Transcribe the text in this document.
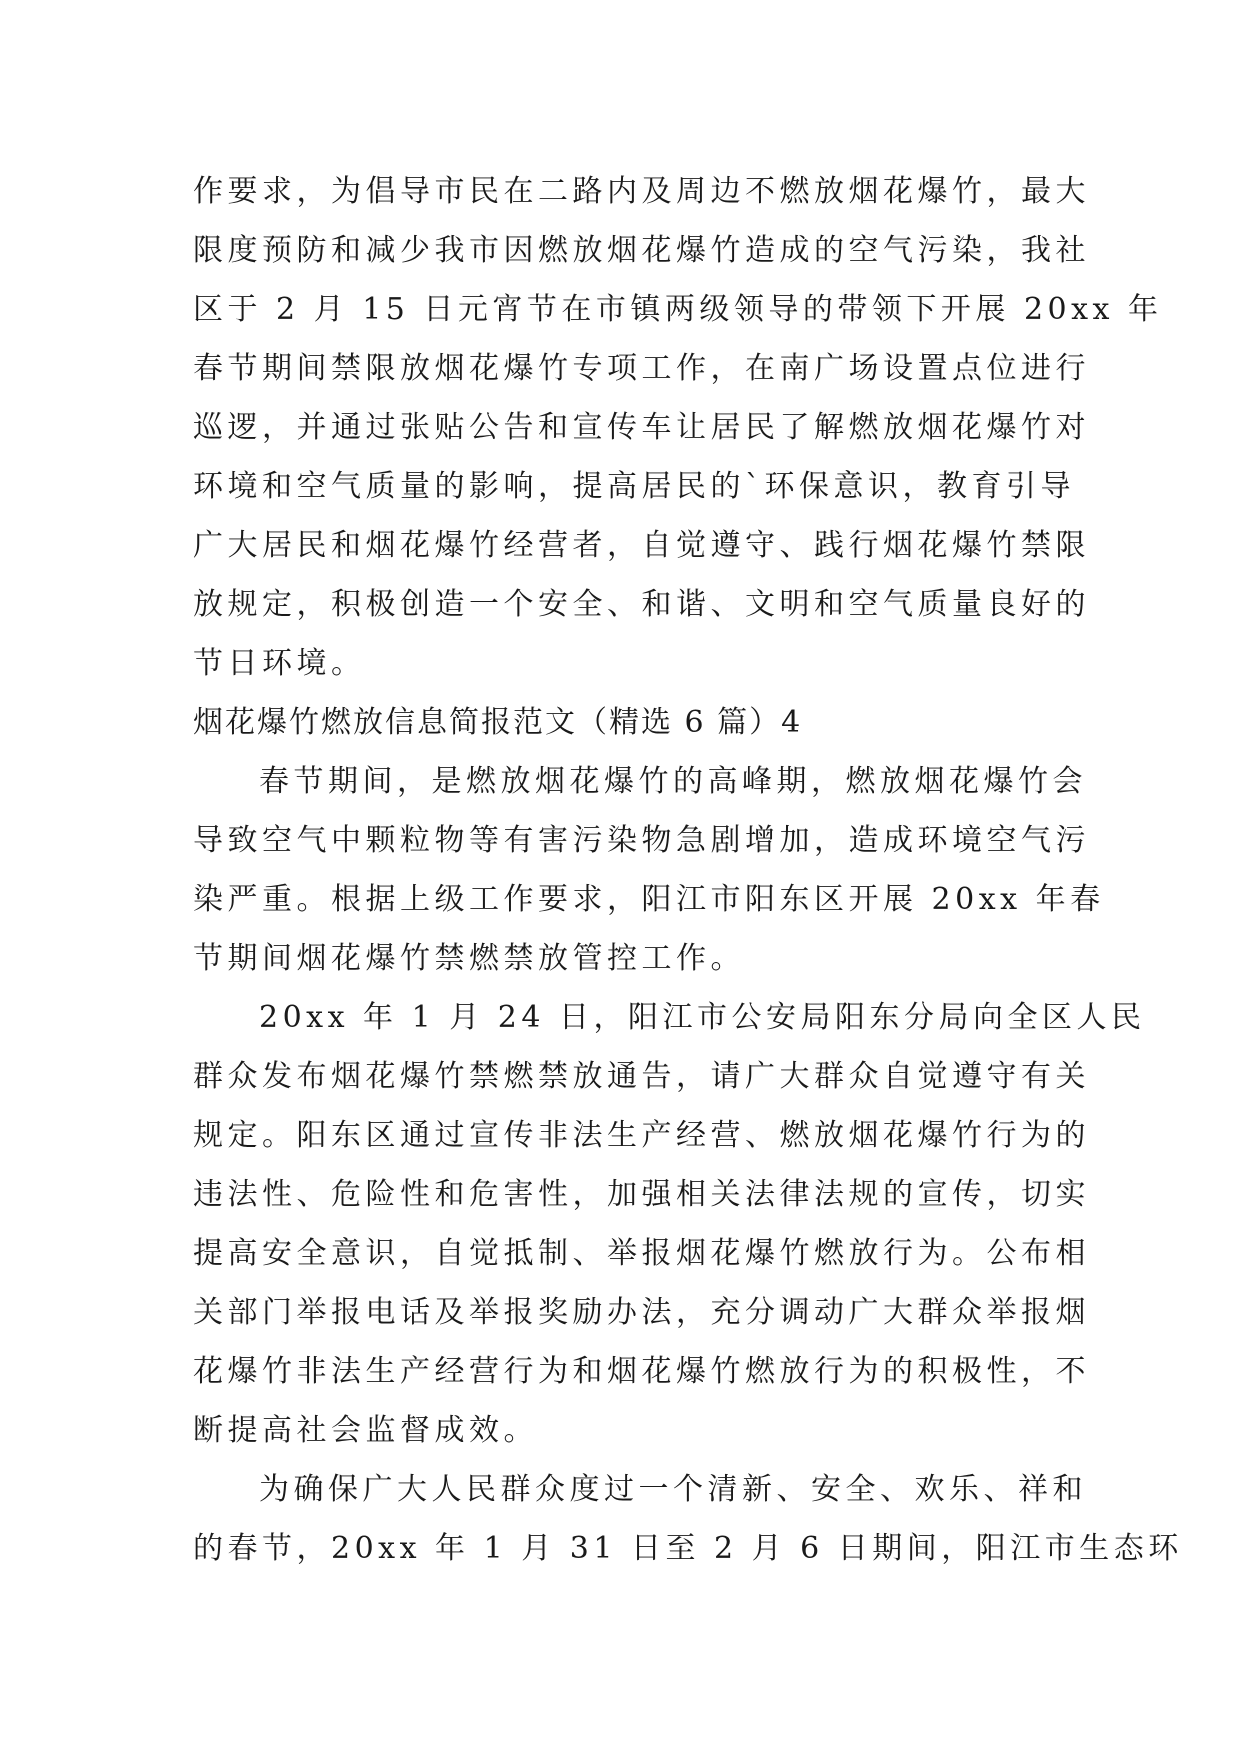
作要求，为倡导市民在二路内及周边不燃放烟花爆竹，最大
限度预防和减少我市因燃放烟花爆竹造成的空气污染，我社
区于 2 月 15 日元宵节在市镇两级领导的带领下开展 20xx 年
春节期间禁限放烟花爆竹专项工作，在南广场设置点位进行
巡逻，并通过张贴公告和宣传车让居民了解燃放烟花爆竹对
环境和空气质量的影响，提高居民的`环保意识，教育引导
广大居民和烟花爆竹经营者，自觉遵守、践行烟花爆竹禁限
放规定，积极创造一个安全、和谐、文明和空气质量良好的
节日环境。
烟花爆竹燃放信息简报范文（精选 6 篇）4
春节期间，是燃放烟花爆竹的高峰期，燃放烟花爆竹会
导致空气中颗粒物等有害污染物急剧增加，造成环境空气污
染严重。根据上级工作要求，阳江市阳东区开展 20xx 年春
节期间烟花爆竹禁燃禁放管控工作。
20xx 年 1 月 24 日，阳江市公安局阳东分局向全区人民
群众发布烟花爆竹禁燃禁放通告，请广大群众自觉遵守有关
规定。阳东区通过宣传非法生产经营、燃放烟花爆竹行为的
违法性、危险性和危害性，加强相关法律法规的宣传，切实
提高安全意识，自觉抵制、举报烟花爆竹燃放行为。公布相
关部门举报电话及举报奖励办法，充分调动广大群众举报烟
花爆竹非法生产经营行为和烟花爆竹燃放行为的积极性，不
断提高社会监督成效。
为确保广大人民群众度过一个清新、安全、欢乐、祥和
的春节，20xx 年 1 月 31 日至 2 月 6 日期间，阳江市生态环
